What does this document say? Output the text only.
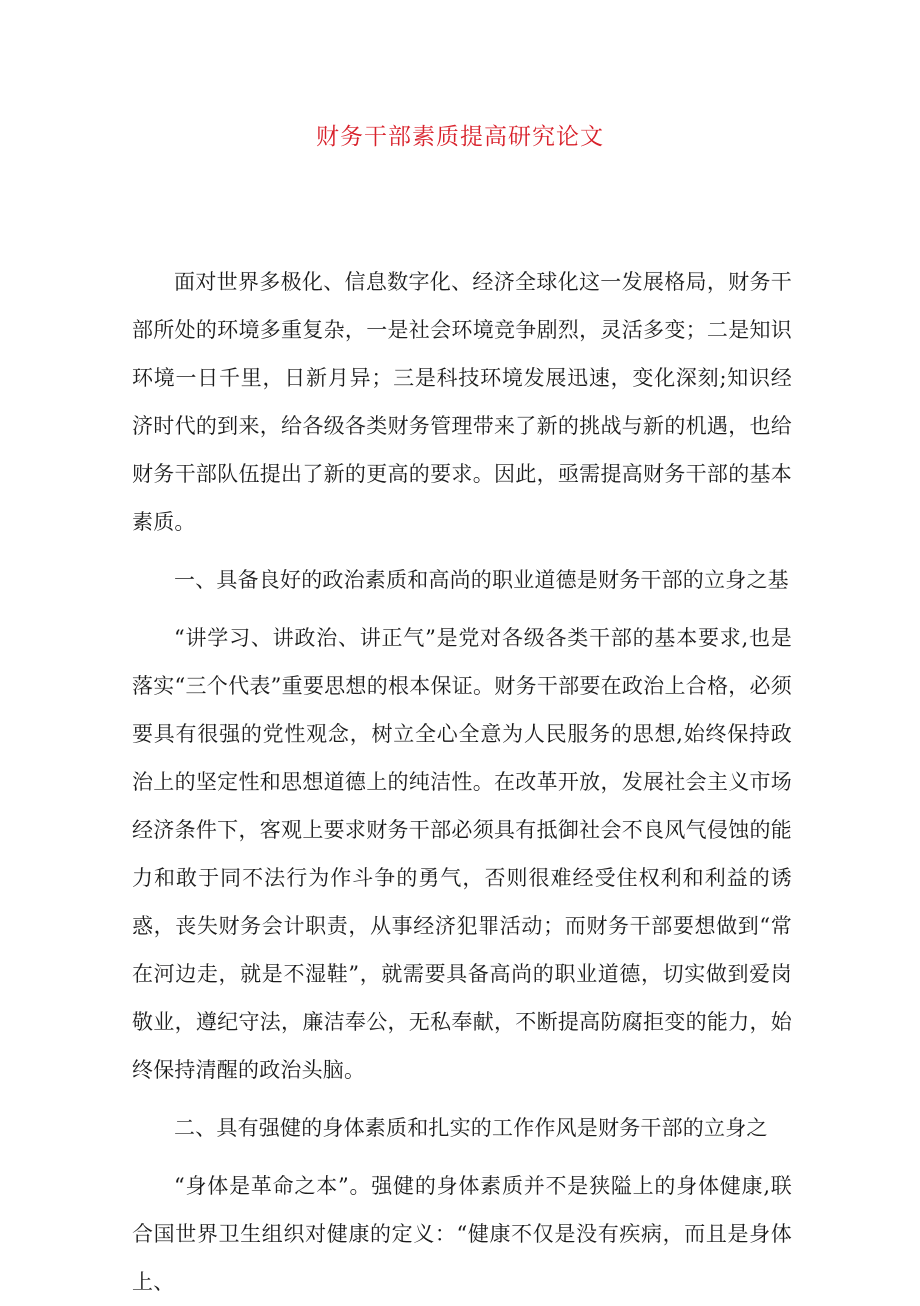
财务干部素质提高研究论文

面对世界多极化、信息数字化、经济全球化这一发展格局，财务干部所处的环境多重复杂，一是社会环境竞争剧烈，灵活多变；二是知识环境一日千里，日新月异；三是科技环境发展迅速，变化深刻;知识经济时代的到来，给各级各类财务管理带来了新的挑战与新的机遇，也给财务干部队伍提出了新的更高的要求。因此，亟需提高财务干部的基本素质。

一、具备良好的政治素质和高尚的职业道德是财务干部的立身之基

“讲学习、讲政治、讲正气”是党对各级各类干部的基本要求,也是落实“三个代表”重要思想的根本保证。财务干部要在政治上合格，必须要具有很强的党性观念，树立全心全意为人民服务的思想,始终保持政治上的坚定性和思想道德上的纯洁性。在改革开放，发展社会主义市场经济条件下，客观上要求财务干部必须具有抵御社会不良风气侵蚀的能力和敢于同不法行为作斗争的勇气，否则很难经受住权利和利益的诱惑，丧失财务会计职责，从事经济犯罪活动；而财务干部要想做到“常在河边走，就是不湿鞋”，就需要具备高尚的职业道德，切实做到爱岗敬业，遵纪守法，廉洁奉公，无私奉献，不断提高防腐拒变的能力，始终保持清醒的政治头脑。

二、具有强健的身体素质和扎实的工作作风是财务干部的立身之

“身体是革命之本”。强健的身体素质并不是狭隘上的身体健康,联合国世界卫生组织对健康的定义：“健康不仅是没有疾病，而且是身体上、
